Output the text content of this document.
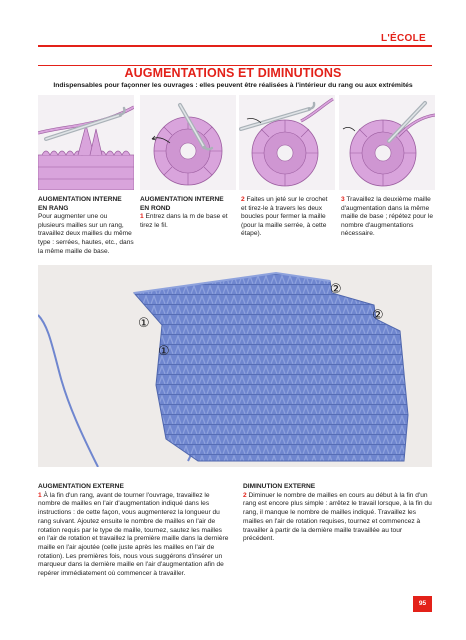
L'ÉCOLE
AUGMENTATIONS ET DIMINUTIONS
Indispensables pour façonner les ouvrages : elles peuvent être réalisées à l'intérieur du rang ou aux extrémités
AUGMENTATION INTERNE
EN RANG
Pour augmenter une ou plusieurs mailles sur un rang, travaillez deux mailles du même type : serrées, hautes, etc., dans la même maille de base.
AUGMENTATION INTERNE
EN ROND
1 Entrez dans la m de base et tirez le fil.
2 Faites un jeté sur le crochet et tirez-le à travers les deux boucles pour fermer la maille (pour la maille serrée, à cette étape).
3 Travaillez la deuxième maille d'augmentation dans la même maille de base ; répétez pour le nombre d'augmentations nécessaire.
①
①
②
②
AUGMENTATION EXTERNE
1 À la fin d'un rang, avant de tourner l'ouvrage, travaillez le nombre de mailles en l'air d'augmentation indiqué dans les instructions : de cette façon, vous augmenterez la longueur du rang suivant. Ajoutez ensuite le nombre de mailles en l'air de rotation requis par le type de maille, tournez, sautez les mailles en l'air de rotation et travaillez la première maille dans la dernière maille en l'air ajoutée (celle juste après les mailles en l'air de rotation). Les premières fois, nous vous suggérons d'insérer un marqueur dans la dernière maille en l'air d'augmentation afin de repérer immédiatement où commencer à travailler.
DIMINUTION EXTERNE
2 Diminuer le nombre de mailles en cours au début à la fin d'un rang est encore plus simple : arrêtez le travail lorsque, à la fin du rang, il manque le nombre de mailles indiqué. Travaillez les mailles en l'air de rotation requises, tournez et commencez à travailler à partir de la dernière maille travaillée au tour précédent.
95
